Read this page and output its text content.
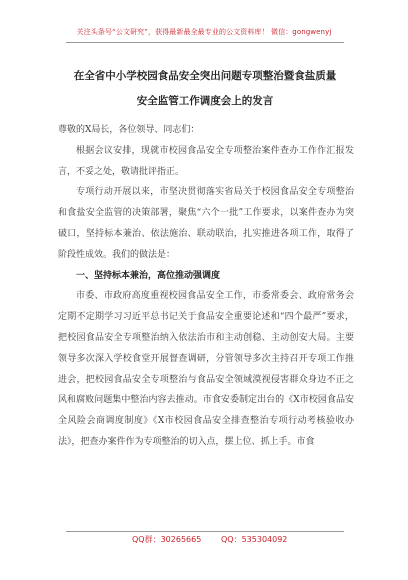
关注头条号“公文研究”，获得最新最全最专业的公文资料库！ 微信：gongwenyj
在全省中小学校园食品安全突出问题专项整治暨食盐质量
安全监管工作调度会上的发言

尊敬的X局长，各位领导、同志们：

根据会议安排，现就市校园食品安全专项整治案件查办工作作汇报发言，不妥之处，敬请批评指正。

专项行动开展以来，市坚决贯彻落实省局关于校园食品安全专项整治和食盐安全监管的决策部署，聚焦“六个一批”工作要求，以案件查办为突破口，坚持标本兼治、依法施治、联动联治，扎实推进各项工作，取得了阶段性成效。我们的做法是：

一、坚持标本兼治，高位推动强调度

市委、市政府高度重视校园食品安全工作，市委常委会、政府常务会定期不定期学习习近平总书记关于食品安全重要论述和“四个最严”要求，把校园食品安全专项整治纳入依法治市和主动创稳、主动创安大局。主要领导多次深入学校食堂开展督查调研，分管领导多次主持召开专项工作推进会，把校园食品安全专项整治与食品安全领域漠视侵害群众身边不正之风和腐败问题集中整治内容去推动。市食安委制定出台的《X市校园食品安全风险会商调度制度》《X市校园食品安全排查整治专项行动考核验收办法》，把查办案件作为专项整治的切入点，摆上位、抓上手。市食

QQ群：30265665 QQ：535304092
